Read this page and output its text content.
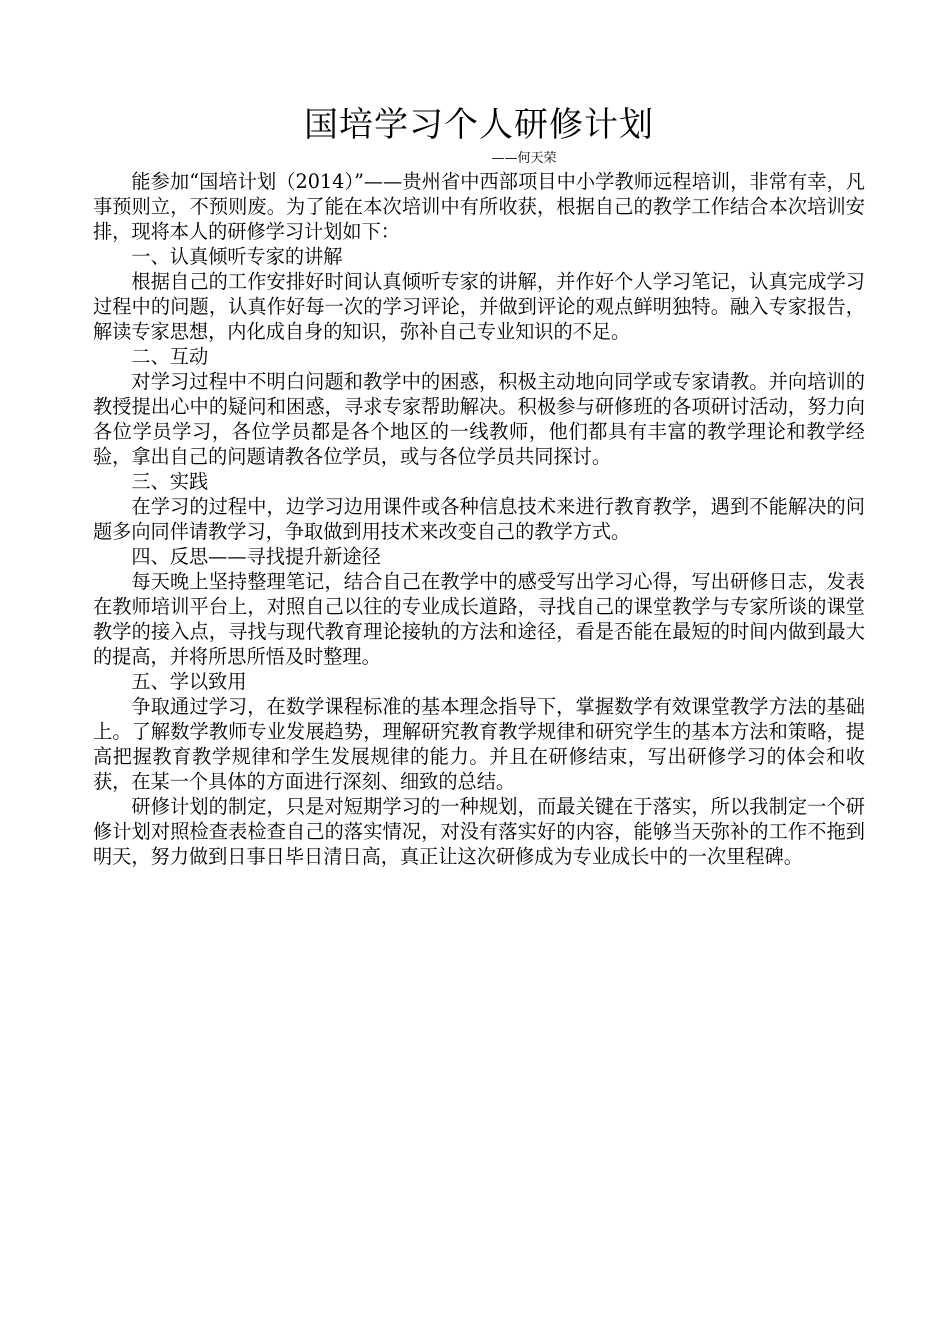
国培学习个人研修计划

——何天荣

能参加“国培计划（2014）”——贵州省中西部项目中小学教师远程培训，非常有幸，凡事预则立，不预则废。为了能在本次培训中有所收获，根据自己的教学工作结合本次培训安排，现将本人的研修学习计划如下：

一、认真倾听专家的讲解

根据自己的工作安排好时间认真倾听专家的讲解，并作好个人学习笔记，认真完成学习过程中的问题，认真作好每一次的学习评论，并做到评论的观点鲜明独特。融入专家报告，解读专家思想，内化成自身的知识，弥补自己专业知识的不足。

二、互动

对学习过程中不明白问题和教学中的困惑，积极主动地向同学或专家请教。并向培训的教授提出心中的疑问和困惑，寻求专家帮助解决。积极参与研修班的各项研讨活动，努力向各位学员学习，各位学员都是各个地区的一线教师，他们都具有丰富的教学理论和教学经验，拿出自己的问题请教各位学员，或与各位学员共同探讨。

三、实践

在学习的过程中，边学习边用课件或各种信息技术来进行教育教学，遇到不能解决的问题多向同伴请教学习，争取做到用技术来改变自己的教学方式。

四、反思——寻找提升新途径

每天晚上坚持整理笔记，结合自己在教学中的感受写出学习心得，写出研修日志，发表在教师培训平台上，对照自己以往的专业成长道路，寻找自己的课堂教学与专家所谈的课堂教学的接入点，寻找与现代教育理论接轨的方法和途径，看是否能在最短的时间内做到最大的提高，并将所思所悟及时整理。

五、学以致用

争取通过学习，在数学课程标准的基本理念指导下，掌握数学有效课堂教学方法的基础上。了解数学教师专业发展趋势，理解研究教育教学规律和研究学生的基本方法和策略，提高把握教育教学规律和学生发展规律的能力。并且在研修结束，写出研修学习的体会和收获，在某一个具体的方面进行深刻、细致的总结。

研修计划的制定，只是对短期学习的一种规划，而最关键在于落实，所以我制定一个研修计划对照检查表检查自己的落实情况，对没有落实好的内容，能够当天弥补的工作不拖到明天，努力做到日事日毕日清日高，真正让这次研修成为专业成长中的一次里程碑。
